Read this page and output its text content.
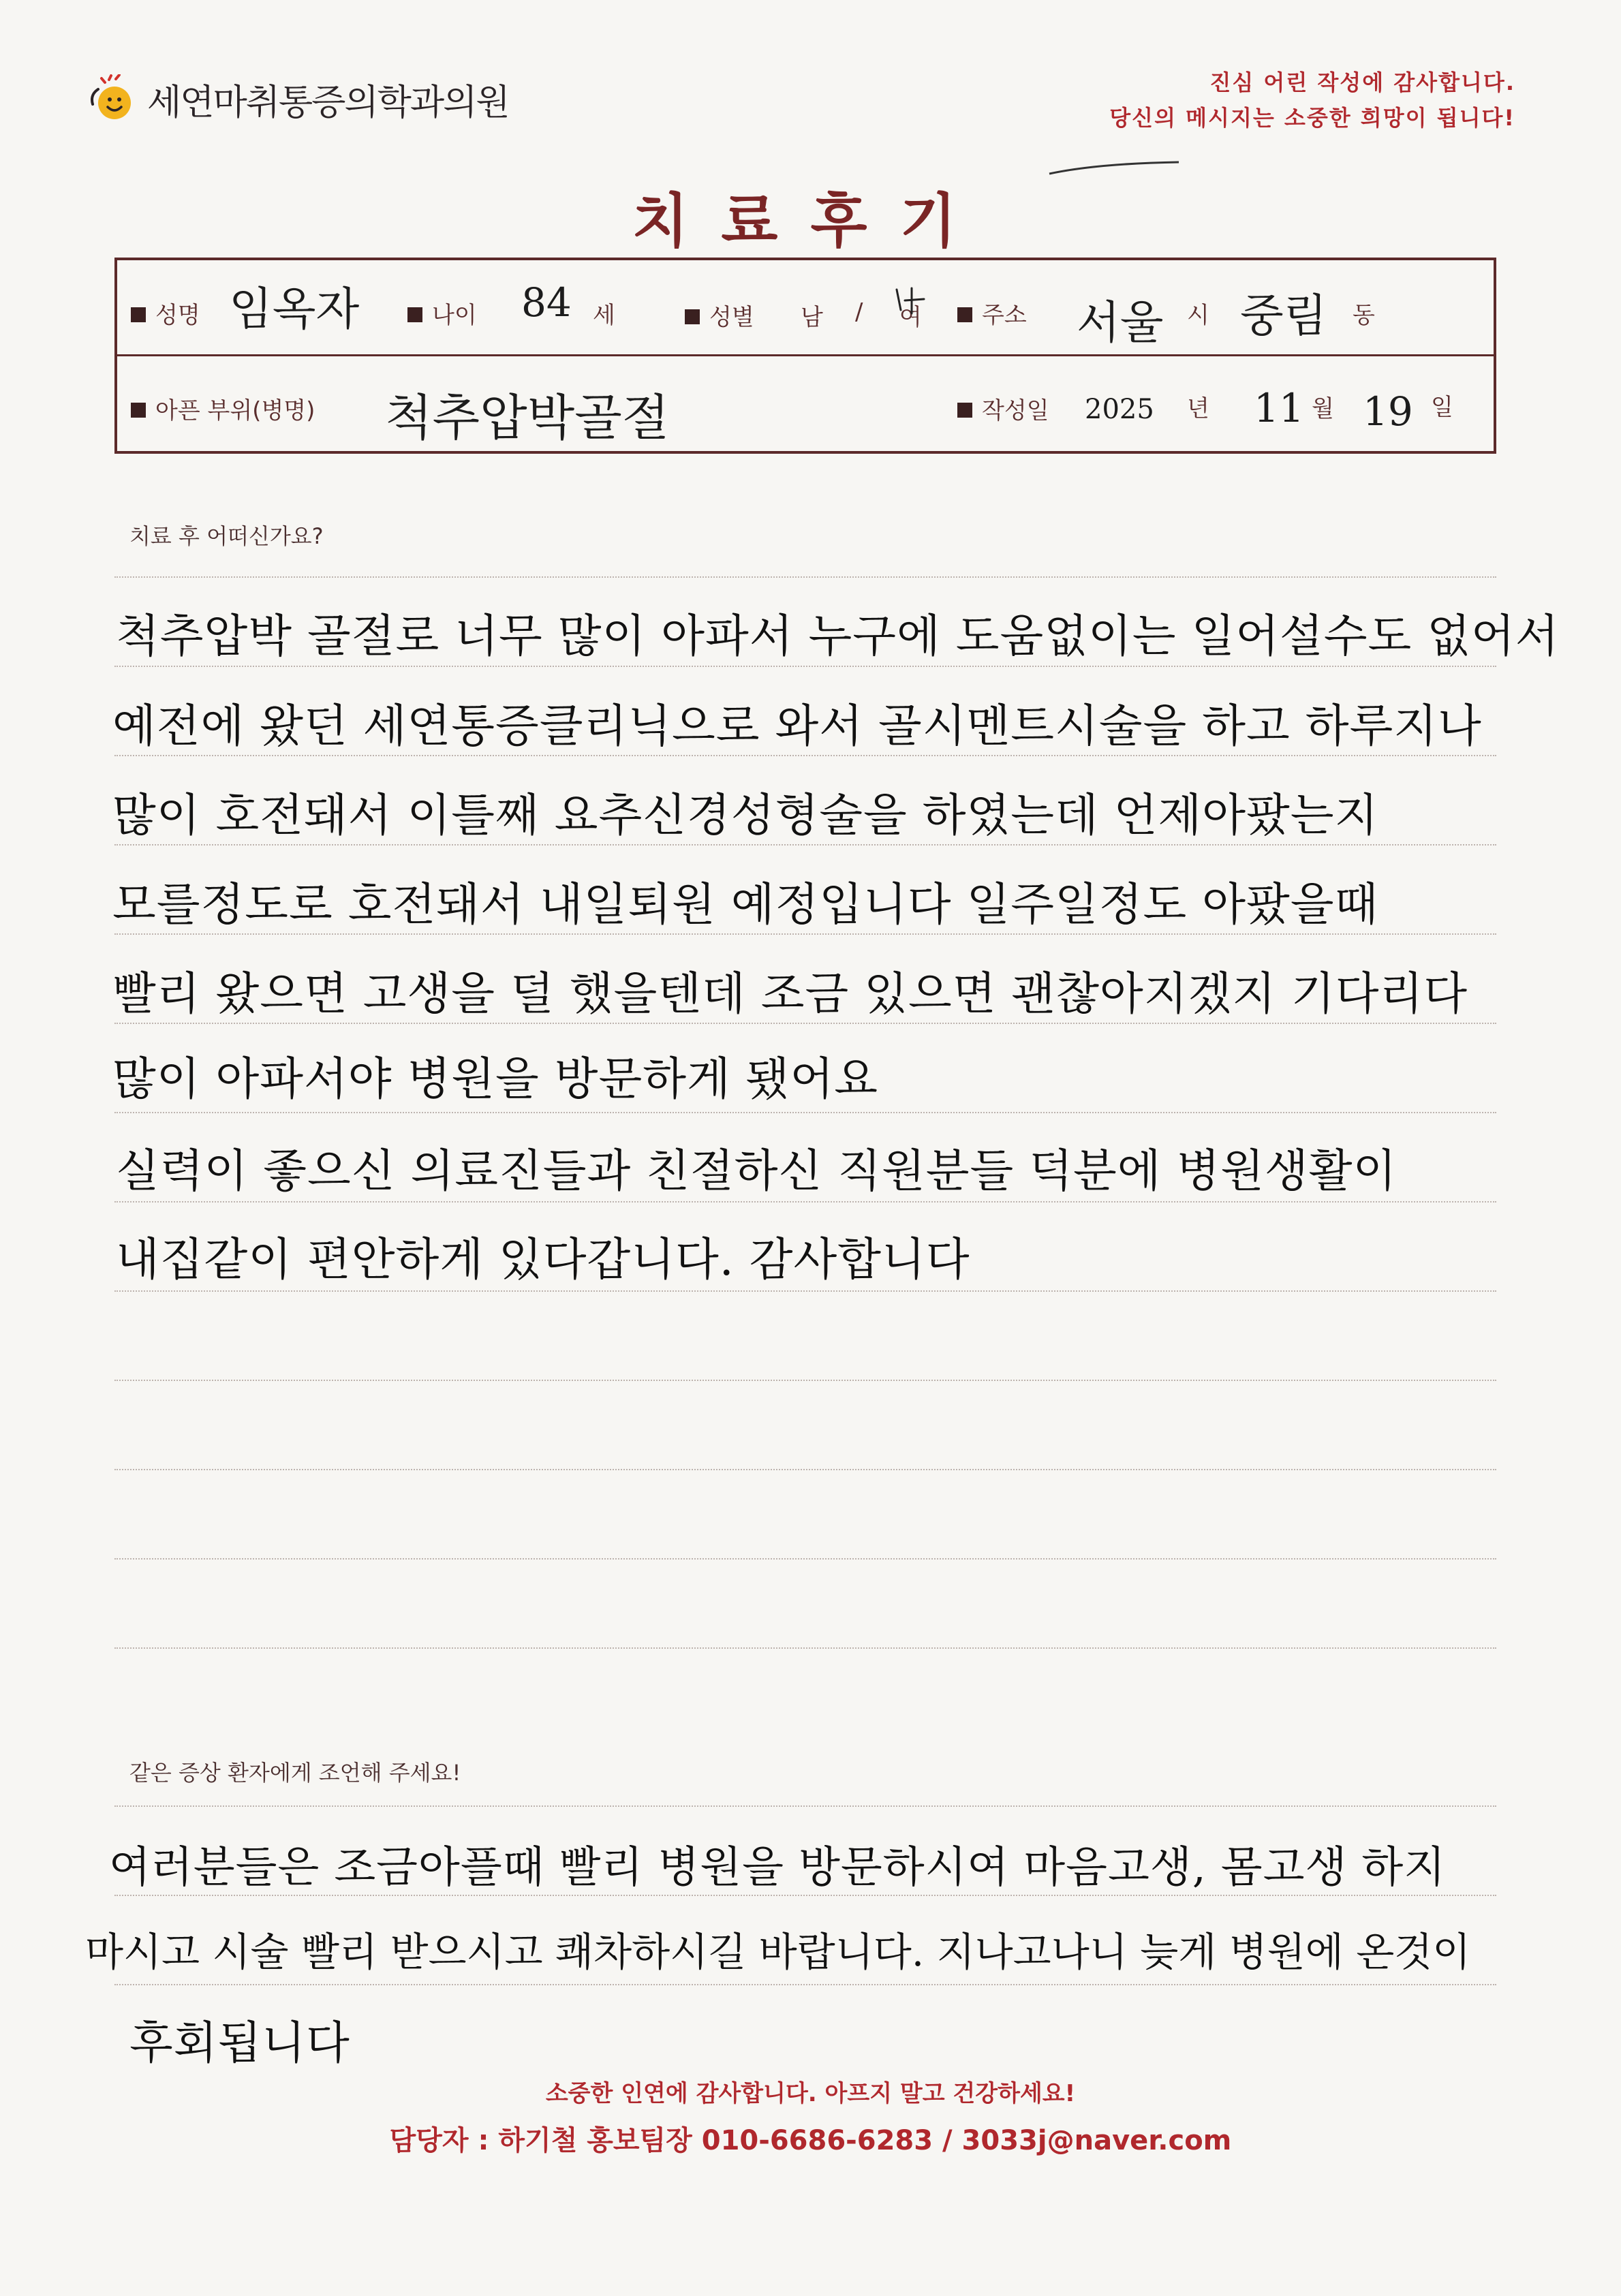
세연마취통증의학과의원	진심 어린 작성에 감사합니다.
당신의 메시지는 소중한 희망이 됩니다!
치료후기
성명 임옥자	나이 84 세	성별 남 / 여	주소 서울 시 중림 동
아픈 부위(병명) 척추압박골절	작성일 2025 년 11 월 19 일
치료 후 어떠신가요?
척추압박 골절로 너무 많이 아파서 누구에 도움없이는 일어설수도 없어서
예전에 왔던 세연통증클리닉으로 와서 골시멘트시술을 하고 하루지나
많이 호전돼서 이틀째 요추신경성형술을 하였는데 언제아팠는지
모를정도로 호전돼서 내일퇴원 예정입니다 일주일정도 아팠을때
빨리 왔으면 고생을 덜 했을텐데 조금 있으면 괜찮아지겠지 기다리다
많이 아파서야 병원을 방문하게 됐어요
실력이 좋으신 의료진들과 친절하신 직원분들 덕분에 병원생활이
내집같이 편안하게 있다갑니다. 감사합니다
같은 증상 환자에게 조언해 주세요!
여러분들은 조금아플때 빨리 병원을 방문하시여 마음고생, 몸고생 하지
마시고 시술 빨리 받으시고 쾌차하시길 바랍니다. 지나고나니 늦게 병원에 온것이
후회됩니다
소중한 인연에 감사합니다. 아프지 말고 건강하세요!
담당자 : 하기철 홍보팀장 010-6686-6283 / 3033j@naver.com
